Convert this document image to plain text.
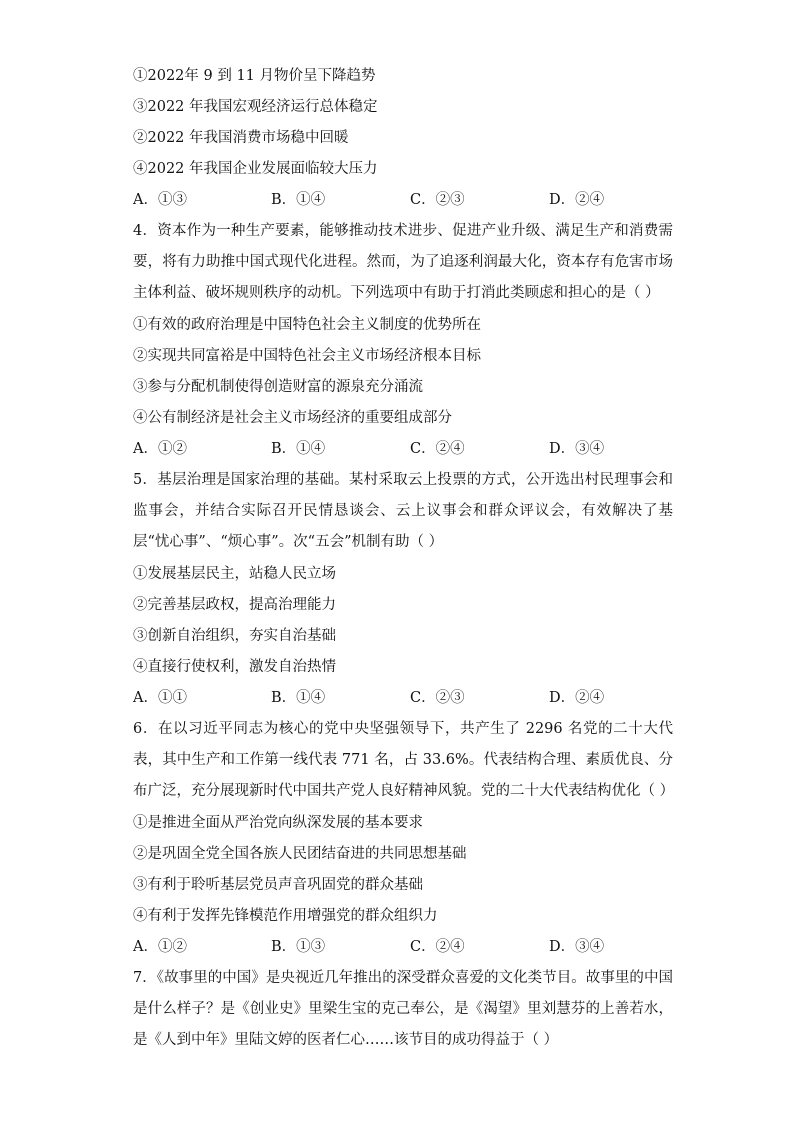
①2022年 9 到 11 月物价呈下降趋势
③2022 年我国宏观经济运行总体稳定
②2022 年我国消费市场稳中回暖
④2022 年我国企业发展面临较大压力
A．①③	B．①④	C．②③	D．②④
4．资本作为一种生产要素，能够推动技术进步、促进产业升级、满足生产和消费需要，将有力助推中国式现代化进程。然而，为了追逐利润最大化，资本存有危害市场主体利益、破坏规则秩序的动机。下列选项中有助于打消此类顾虑和担心的是（ ）
①有效的政府治理是中国特色社会主义制度的优势所在
②实现共同富裕是中国特色社会主义市场经济根本目标
③参与分配机制使得创造财富的源泉充分涌流
④公有制经济是社会主义市场经济的重要组成部分
A．①②	B．①④	C．②④	D．③④
5．基层治理是国家治理的基础。某村采取云上投票的方式，公开选出村民理事会和监事会，并结合实际召开民情恳谈会、云上议事会和群众评议会，有效解决了基层“忧心事”、“烦心事”。次“五会”机制有助（ ）
①发展基层民主，站稳人民立场
②完善基层政权，提高治理能力
③创新自治组织，夯实自治基础
④直接行使权利，激发自治热情
A．①①	B．①④	C．②③	D．②④
6．在以习近平同志为核心的党中央坚强领导下，共产生了 2296 名党的二十大代表，其中生产和工作第一线代表 771 名，占 33.6%。代表结构合理、素质优良、分布广泛，充分展现新时代中国共产党人良好精神风貌。党的二十大代表结构优化（ ）
①是推进全面从严治党向纵深发展的基本要求
②是巩固全党全国各族人民团结奋进的共同思想基础
③有利于聆听基层党员声音巩固党的群众基础
④有利于发挥先锋模范作用增强党的群众组织力
A．①②	B．①③	C．②④	D．③④
7．《故事里的中国》是央视近几年推出的深受群众喜爱的文化类节目。故事里的中国是什么样子？是《创业史》里梁生宝的克己奉公，是《渴望》里刘慧芬的上善若水，是《人到中年》里陆文婷的医者仁心……该节目的成功得益于（ ）
